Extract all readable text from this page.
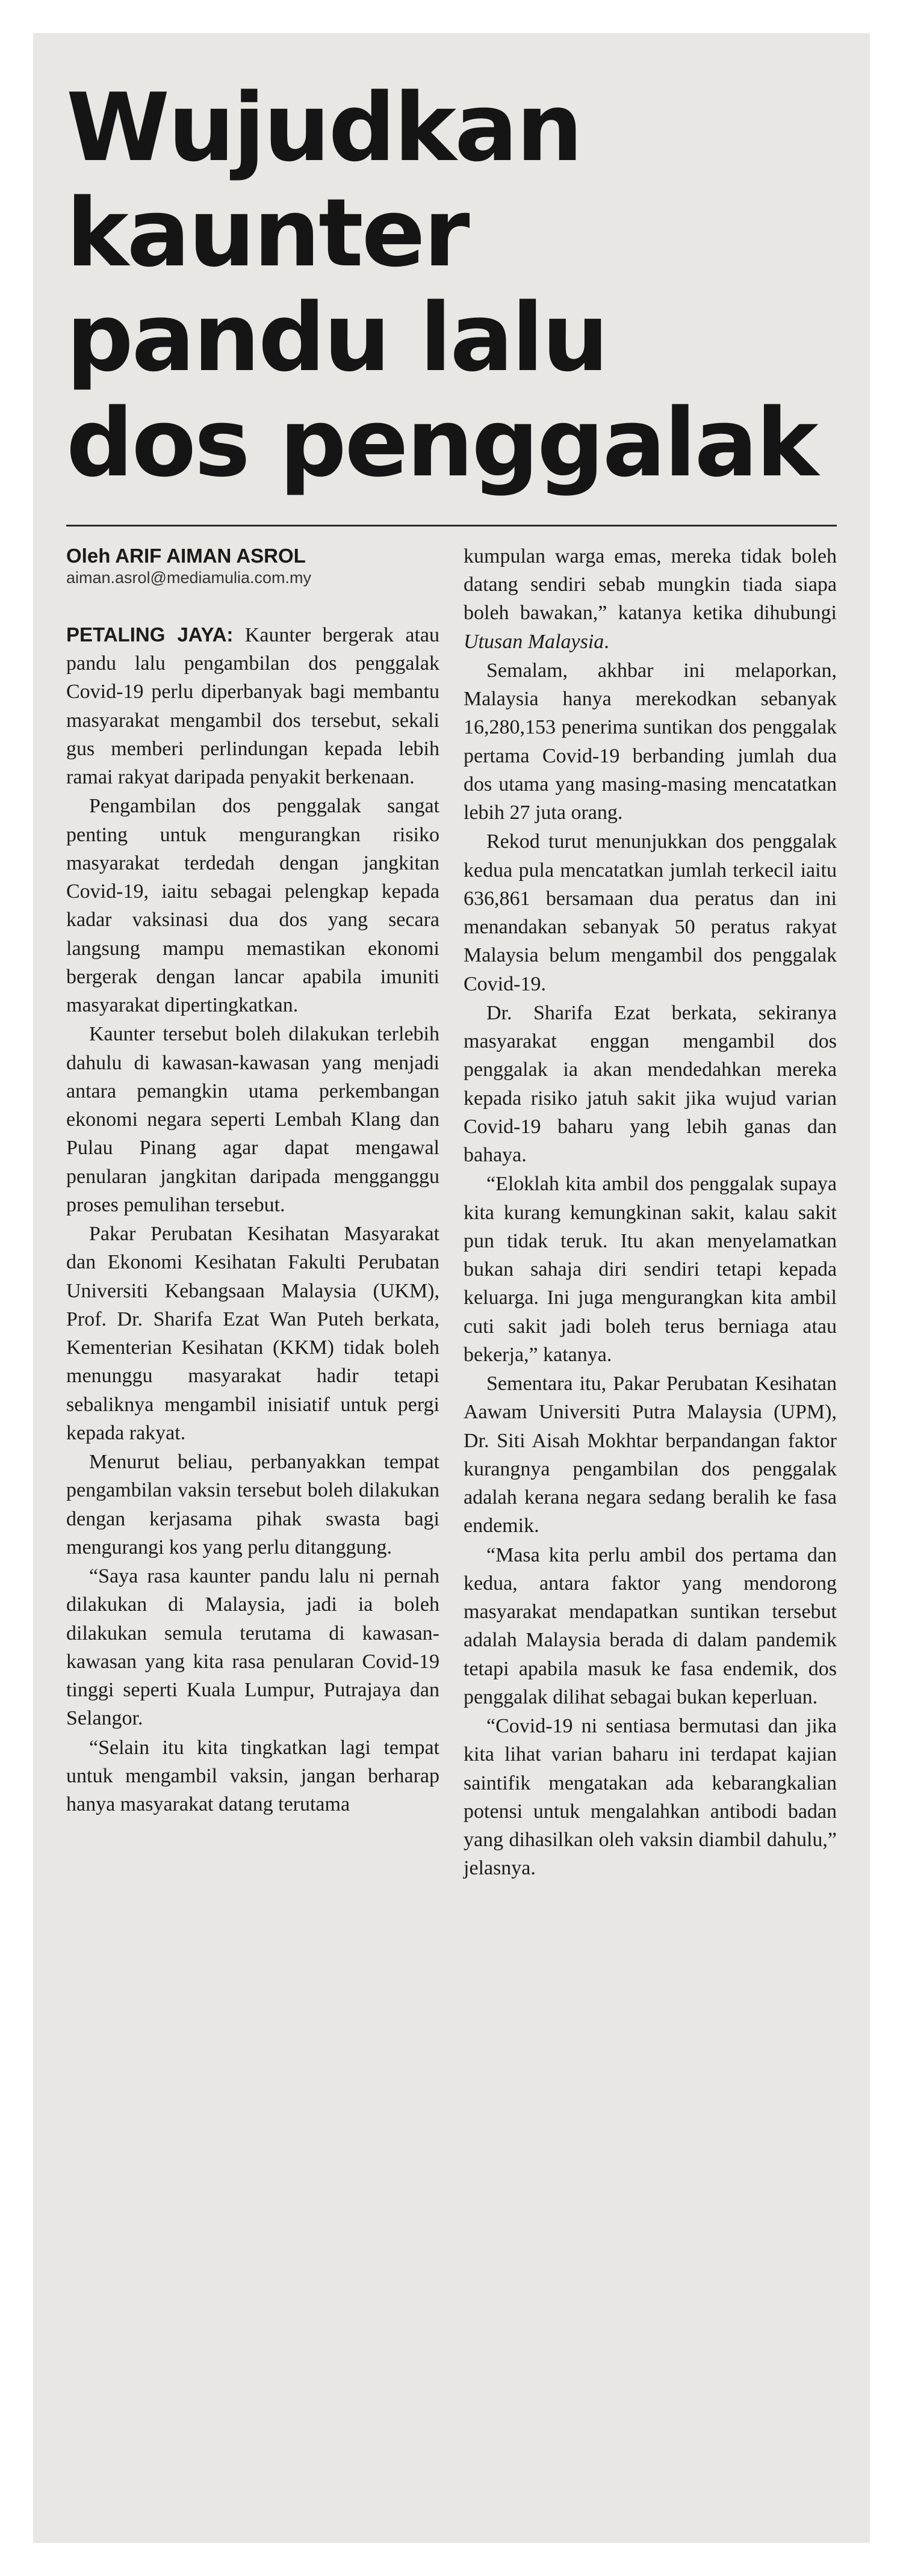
Wujudkan
kaunter
pandu lalu
dos penggalak
Oleh ARIF AIMAN ASROL
aiman.asrol@mediamulia.com.my

PETALING JAYA: Kaunter bergerak atau pandu lalu pengambilan dos penggalak Covid-19 perlu diperbanyak bagi membantu masyarakat mengambil dos tersebut, sekali gus memberi perlindungan kepada lebih ramai rakyat daripada penyakit berkenaan.

Pengambilan dos penggalak sangat penting untuk mengurangkan risiko masyarakat terdedah dengan jangkitan Covid-19, iaitu sebagai pelengkap kepada kadar vaksinasi dua dos yang secara langsung mampu memastikan ekonomi bergerak dengan lancar apabila imuniti masyarakat dipertingkatkan.

Kaunter tersebut boleh dilakukan terlebih dahulu di kawasan-kawasan yang menjadi antara pemangkin utama perkembangan ekonomi negara seperti Lembah Klang dan Pulau Pinang agar dapat mengawal penularan jangkitan daripada mengganggu proses pemulihan tersebut.

Pakar Perubatan Kesihatan Masyarakat dan Ekonomi Kesihatan Fakulti Perubatan Universiti Kebangsaan Malaysia (UKM), Prof. Dr. Sharifa Ezat Wan Puteh berkata, Kementerian Kesihatan (KKM) tidak boleh menunggu masyarakat hadir tetapi sebaliknya mengambil inisiatif untuk pergi kepada rakyat.

Menurut beliau, perbanyakkan tempat pengambilan vaksin tersebut boleh dilakukan dengan kerjasama pihak swasta bagi mengurangi kos yang perlu ditanggung.

“Saya rasa kaunter pandu lalu ni pernah dilakukan di Malaysia, jadi ia boleh dilakukan semula terutama di kawasan-kawasan yang kita rasa penularan Covid-19 tinggi seperti Kuala Lumpur, Putrajaya dan Selangor.

“Selain itu kita tingkatkan lagi tempat untuk mengambil vaksin, jangan berharap hanya masyarakat datang terutama

kumpulan warga emas, mereka tidak boleh datang sendiri sebab mungkin tiada siapa boleh bawakan,” katanya ketika dihubungi Utusan Malaysia.

Semalam, akhbar ini melaporkan, Malaysia hanya merekodkan sebanyak 16,280,153 penerima suntikan dos penggalak pertama Covid-19 berbanding jumlah dua dos utama yang masing-masing mencatatkan lebih 27 juta orang.

Rekod turut menunjukkan dos penggalak kedua pula mencatatkan jumlah terkecil iaitu 636,861 bersamaan dua peratus dan ini menandakan sebanyak 50 peratus rakyat Malaysia belum mengambil dos penggalak Covid-19.

Dr. Sharifa Ezat berkata, sekiranya masyarakat enggan mengambil dos penggalak ia akan mendedahkan mereka kepada risiko jatuh sakit jika wujud varian Covid-19 baharu yang lebih ganas dan bahaya.

“Eloklah kita ambil dos penggalak supaya kita kurang kemungkinan sakit, kalau sakit pun tidak teruk. Itu akan menyelamatkan bukan sahaja diri sendiri tetapi kepada keluarga. Ini juga mengurangkan kita ambil cuti sakit jadi boleh terus berniaga atau bekerja,” katanya.

Sementara itu, Pakar Perubatan Kesihatan Aawam Universiti Putra Malaysia (UPM), Dr. Siti Aisah Mokhtar berpandangan faktor kurangnya pengambilan dos penggalak adalah kerana negara sedang beralih ke fasa endemik.

“Masa kita perlu ambil dos pertama dan kedua, antara faktor yang mendorong masyarakat mendapatkan suntikan tersebut adalah Malaysia berada di dalam pandemik tetapi apabila masuk ke fasa endemik, dos penggalak dilihat sebagai bukan keperluan.

“Covid-19 ni sentiasa bermutasi dan jika kita lihat varian baharu ini terdapat kajian saintifik mengatakan ada kebarangkalian potensi untuk mengalahkan antibodi badan yang dihasilkan oleh vaksin diambil dahulu,” jelasnya.
